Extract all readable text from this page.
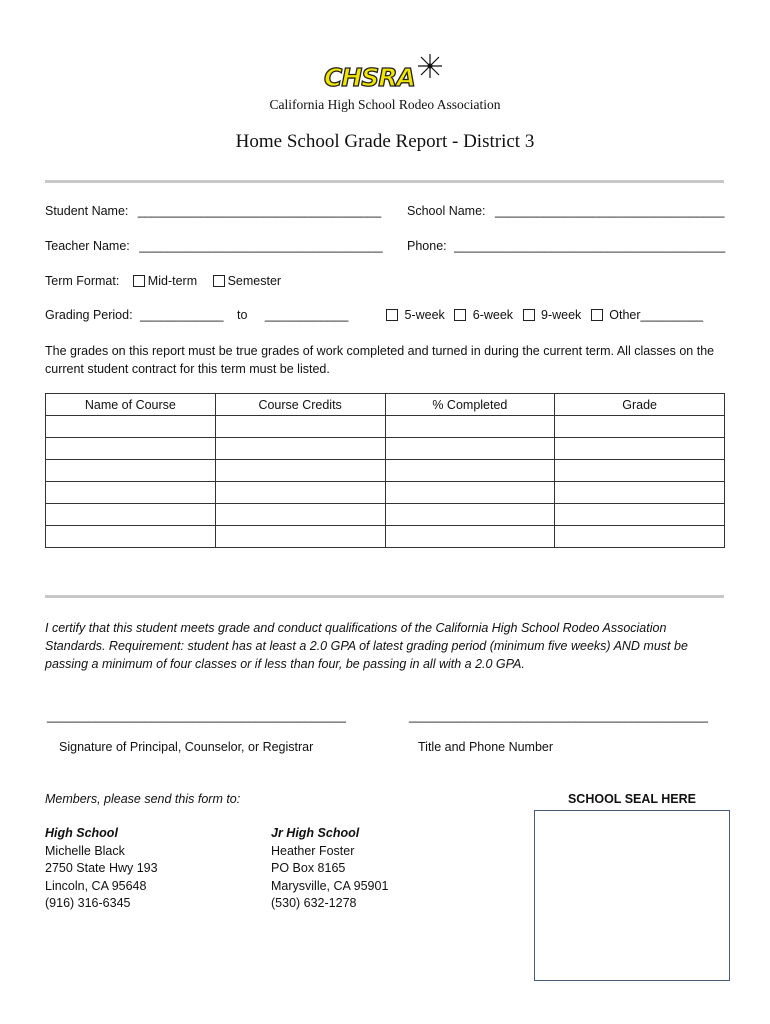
CHSRA
California High School Rodeo Association
Home School Grade Report - District 3
Student Name: ___________________________________ School Name: _________________________________
Teacher Name: ___________________________________ Phone: _______________________________________
Term Format: Mid-term Semester
Grading Period: ____________ to ____________	5-week 6-week 9-week Other_________
The grades on this report must be true grades of work completed and turned in during the current term. All classes on the current student contract for this term must be listed.
Name of Course	Course Credits	% Completed	Grade

I certify that this student meets grade and conduct qualifications of the California High School Rodeo Association Standards. Requirement: student has at least a 2.0 GPA of latest grading period (minimum five weeks) AND must be passing a minimum of four classes or if less than four, be passing in all with a 2.0 GPA.
___________________________________________	___________________________________________
Signature of Principal, Counselor, or Registrar	Title and Phone Number
Members, please send this form to:
High School
Michelle Black
2750 State Hwy 193
Lincoln, CA 95648
(916) 316-6345
Jr High School
Heather Foster
PO Box 8165
Marysville, CA 95901
(530) 632-1278
SCHOOL SEAL HERE
